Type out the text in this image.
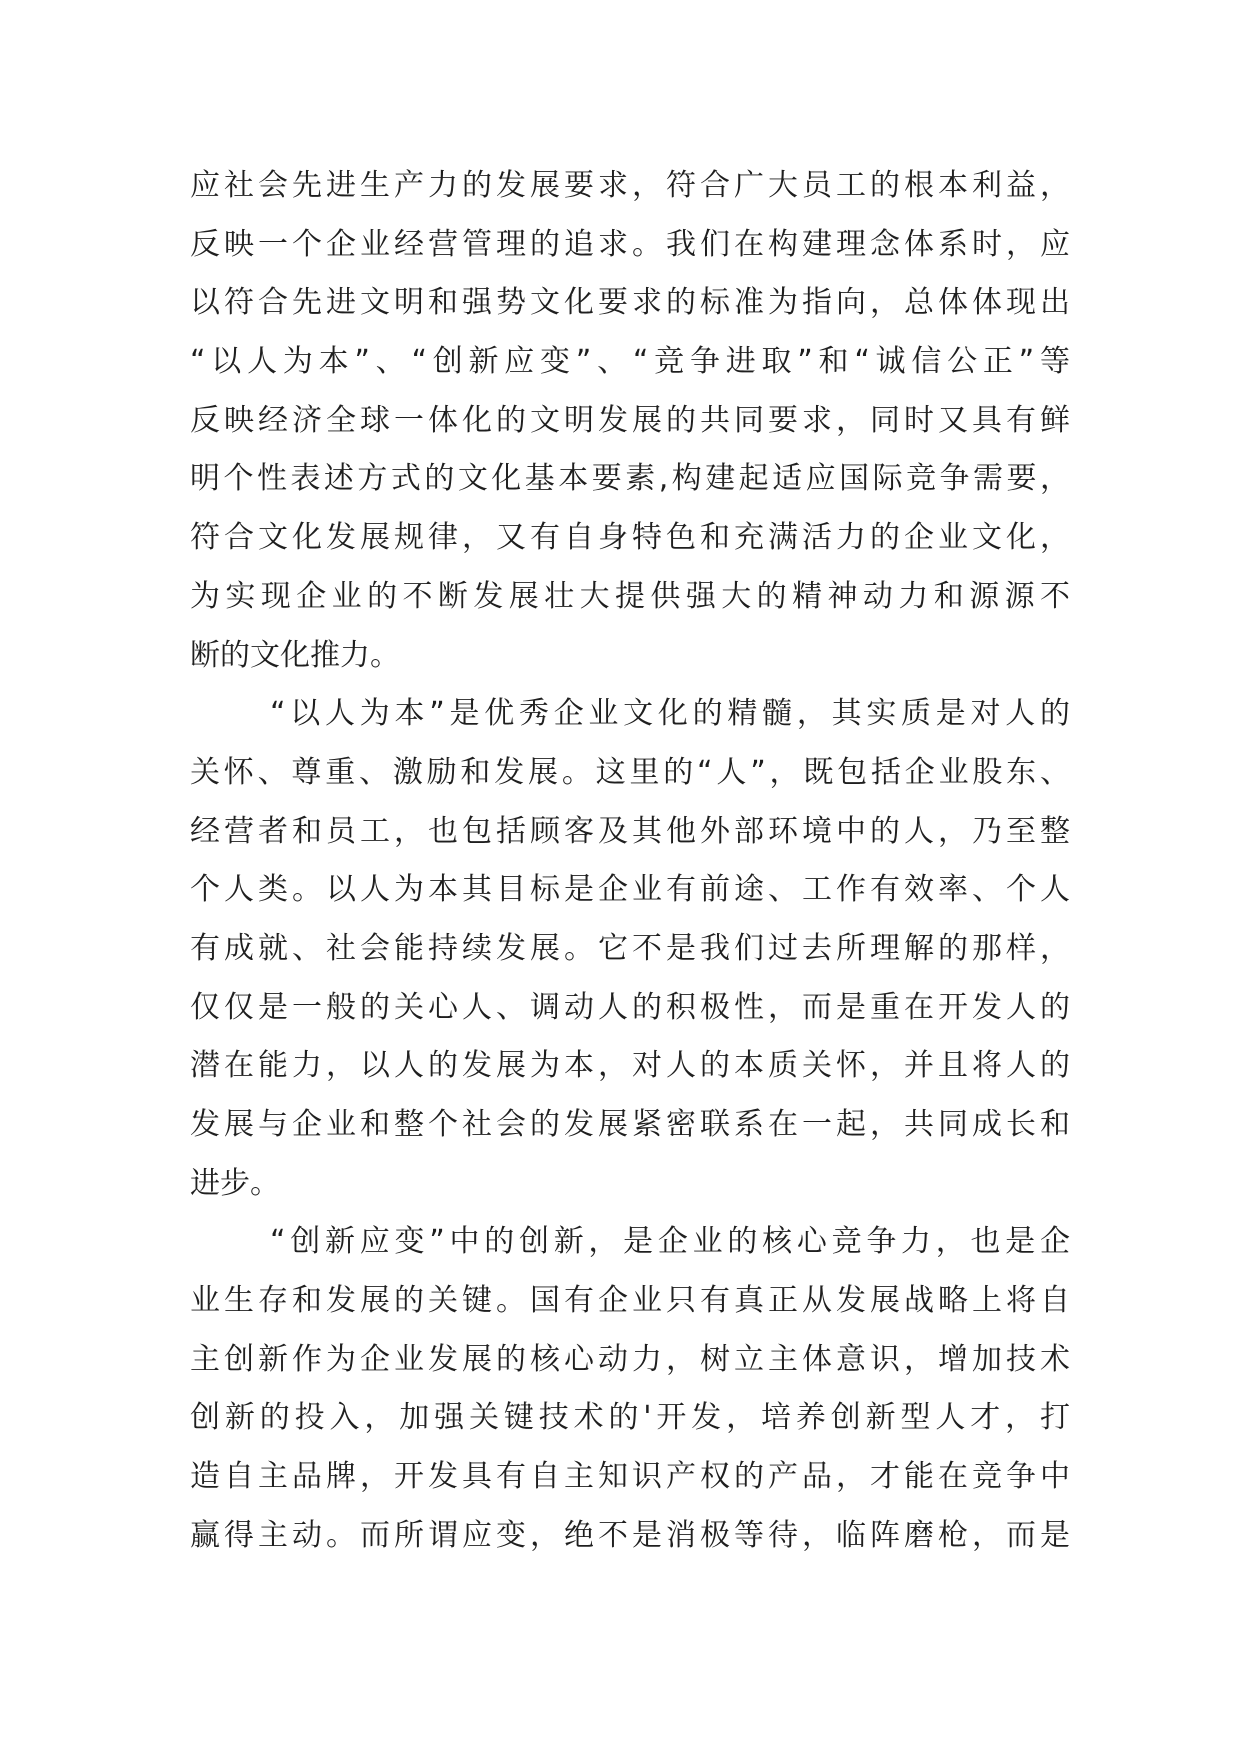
应社会先进生产力的发展要求，符合广大员工的根本利益，
反映一个企业经营管理的追求。我们在构建理念体系时，应
以符合先进文明和强势文化要求的标准为指向，总体体现出
“以人为本”、“创新应变”、“竞争进取”和“诚信公正”等
反映经济全球一体化的文明发展的共同要求，同时又具有鲜
明个性表述方式的文化基本要素,构建起适应国际竞争需要，
符合文化发展规律，又有自身特色和充满活力的企业文化，
为实现企业的不断发展壮大提供强大的精神动力和源源不
断的文化推力。
“以人为本”是优秀企业文化的精髓，其实质是对人的
关怀、尊重、激励和发展。这里的“人”，既包括企业股东、
经营者和员工，也包括顾客及其他外部环境中的人，乃至整
个人类。以人为本其目标是企业有前途、工作有效率、个人
有成就、社会能持续发展。它不是我们过去所理解的那样，
仅仅是一般的关心人、调动人的积极性，而是重在开发人的
潜在能力，以人的发展为本，对人的本质关怀，并且将人的
发展与企业和整个社会的发展紧密联系在一起，共同成长和
进步。
“创新应变”中的创新，是企业的核心竞争力，也是企
业生存和发展的关键。国有企业只有真正从发展战略上将自
主创新作为企业发展的核心动力，树立主体意识，增加技术
创新的投入，加强关键技术的'开发，培养创新型人才，打
造自主品牌，开发具有自主知识产权的产品，才能在竞争中
赢得主动。而所谓应变，绝不是消极等待，临阵磨枪，而是
